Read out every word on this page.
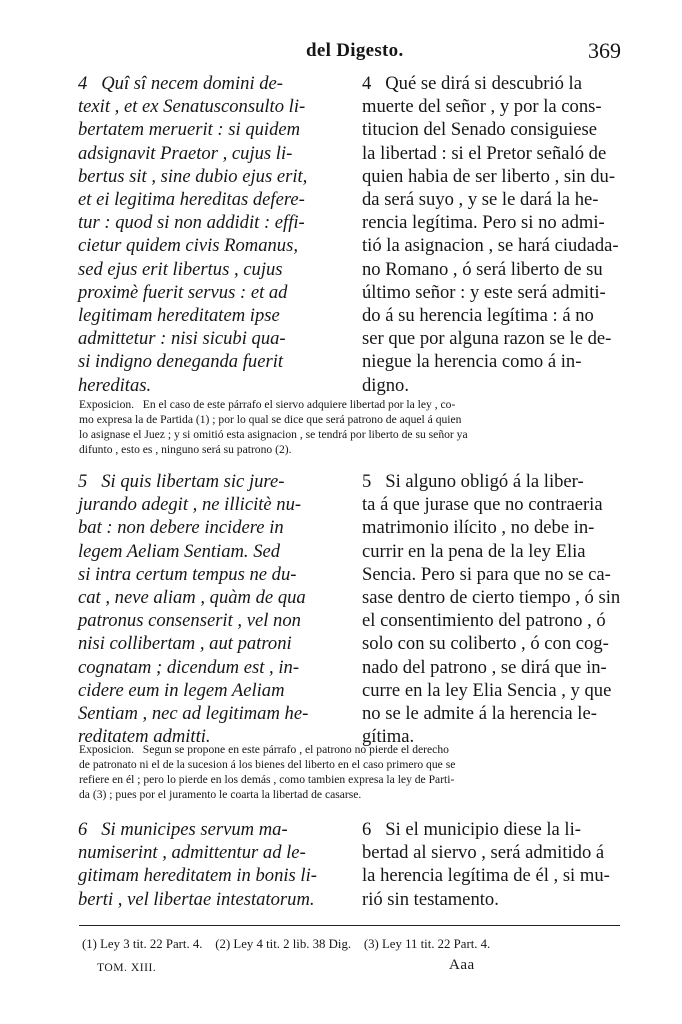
del Digesto.	369

4   Quî sî necem domini de-
texit , et ex Senatusconsulto li-
bertatem meruerit : si quidem
adsignavit Praetor , cujus li-
bertus sit , sine dubio ejus erit,
et ei legitima hereditas defere-
tur : quod si non addidit : effi-
cietur quidem civis Romanus,
sed ejus erit libertus , cujus
proximè fuerit servus : et ad
legitimam hereditatem ipse
admittetur : nisi sicubi qua-
si indigno deneganda fuerit
hereditas.

4   Qué se dirá si descubrió la
muerte del señor , y por la cons-
titucion del Senado consiguiese
la libertad : si el Pretor señaló de
quien habia de ser liberto , sin du-
da será suyo , y se le dará la he-
rencia legítima. Pero si no admi-
tió la asignacion , se hará ciudada-
no Romano , ó será liberto de su
último señor : y este será admiti-
do á su herencia legítima : á no
ser que por alguna razon se le de-
niegue la herencia como á in-
digno.

Exposicion.   En el caso de este párrafo el siervo adquiere libertad por la ley , co-
mo expresa la de Partida (1) ; por lo qual se dice que será patrono de aquel á quien
lo asignase el Juez ; y si omitió esta asignacion , se tendrá por liberto de su señor ya
difunto , esto es , ninguno será su patrono (2).

5   Si quis libertam sic jure-
jurando adegit , ne illicitè nu-
bat : non debere incidere in
legem Aeliam Sentiam. Sed
si intra certum tempus ne du-
cat , neve aliam , quàm de qua
patronus consenserit , vel non
nisi collibertam , aut patroni
cognatam ; dicendum est , in-
cidere eum in legem Aeliam
Sentiam , nec ad legitimam he-
reditatem admitti.

5   Si alguno obligó á la liber-
ta á que jurase que no contraeria
matrimonio ilícito , no debe in-
currir en la pena de la ley Elia
Sencia. Pero si para que no se ca-
sase dentro de cierto tiempo , ó sin
el consentimiento del patrono , ó
solo con su coliberto , ó con cog-
nado del patrono , se dirá que in-
curre en la ley Elia Sencia , y que
no se le admite á la herencia le-
gítima.

Exposicion.   Segun se propone en este párrafo , el patrono no pierde el derecho
de patronato ni el de la sucesion á los bienes del liberto en el caso primero que se
refiere en él ; pero lo pierde en los demás , como tambien expresa la ley de Parti-
da (3) ; pues por el juramento le coarta la libertad de casarse.

6   Si municipes servum ma-
numiserint , admittentur ad le-
gitimam hereditatem in bonis li-
berti , vel libertae intestatorum.

6   Si el municipio diese la li-
bertad al siervo , será admitido á
la herencia legítima de él , si mu-
rió sin testamento.

(1) Ley 3 tit. 22 Part. 4.    (2) Ley 4 tit. 2 lib. 38 Dig.    (3) Ley 11 tit. 22 Part. 4.

TOM. XIII.	Aaa
